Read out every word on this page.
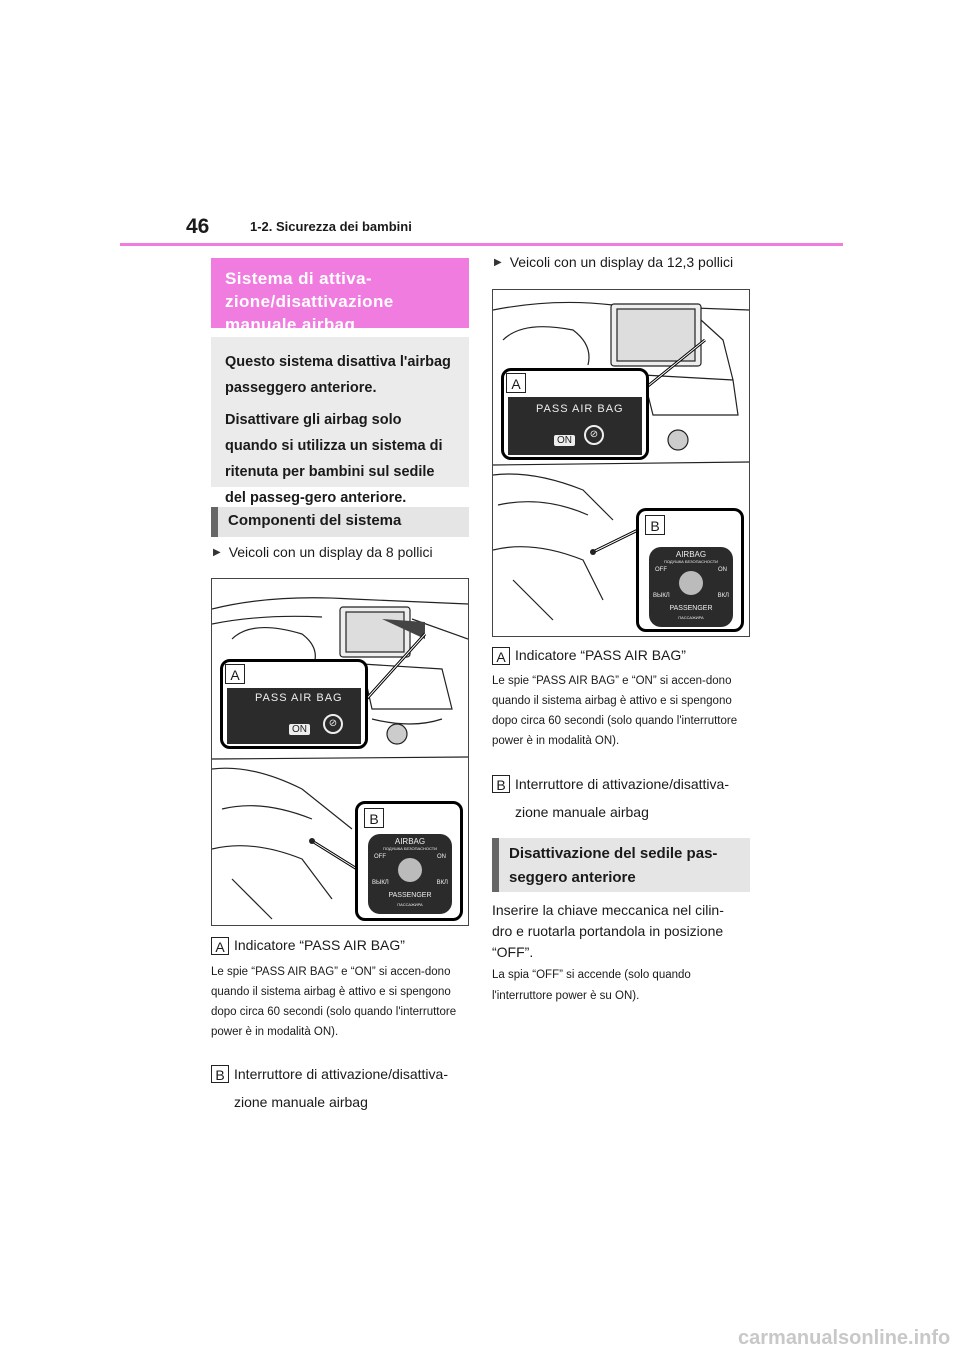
46	1-2. Sicurezza dei bambini
Sistema di attiva-
zione/disattivazione
manuale airbag

Questo sistema disattiva l'airbag passeggero anteriore.

Disattivare gli airbag solo quando si utilizza un sistema di ritenuta per bambini sul sedile del passeg-gero anteriore.

Componenti del sistema
▶ Veicoli con un display da 8 pollici
A
PASS AIR BAG
ON
⊘
B
AIRBAG
ПОДУШКА БЕЗОПАСНОСТИ
OFF	ON
ВЫКЛ	ВКЛ
PASSENGER
ПАССАЖИРА
A Indicatore “PASS AIR BAG”
Le spie “PASS AIR BAG” e “ON” si accen-dono quando il sistema airbag è attivo e si spengono dopo circa 60 secondi (solo quando l'interruttore power è in modalità ON).
B Interruttore di attivazione/disattiva-zione manuale airbag
▶ Veicoli con un display da 12,3 pollici
A
PASS AIR BAG
ON
⊘
B
AIRBAG
ПОДУШКА БЕЗОПАСНОСТИ
OFF	ON
ВЫКЛ	ВКЛ
PASSENGER
ПАССАЖИРА
A Indicatore “PASS AIR BAG”
Le spie “PASS AIR BAG” e “ON” si accen-dono quando il sistema airbag è attivo e si spengono dopo circa 60 secondi (solo quando l'interruttore power è in modalità ON).
B Interruttore di attivazione/disattiva-zione manuale airbag
Disattivazione del sedile pas-seggero anteriore
Inserire la chiave meccanica nel cilin-dro e ruotarla portandola in posizione “OFF”.
La spia “OFF” si accende (solo quando l'interruttore power è su ON).
carmanualsonline.info
